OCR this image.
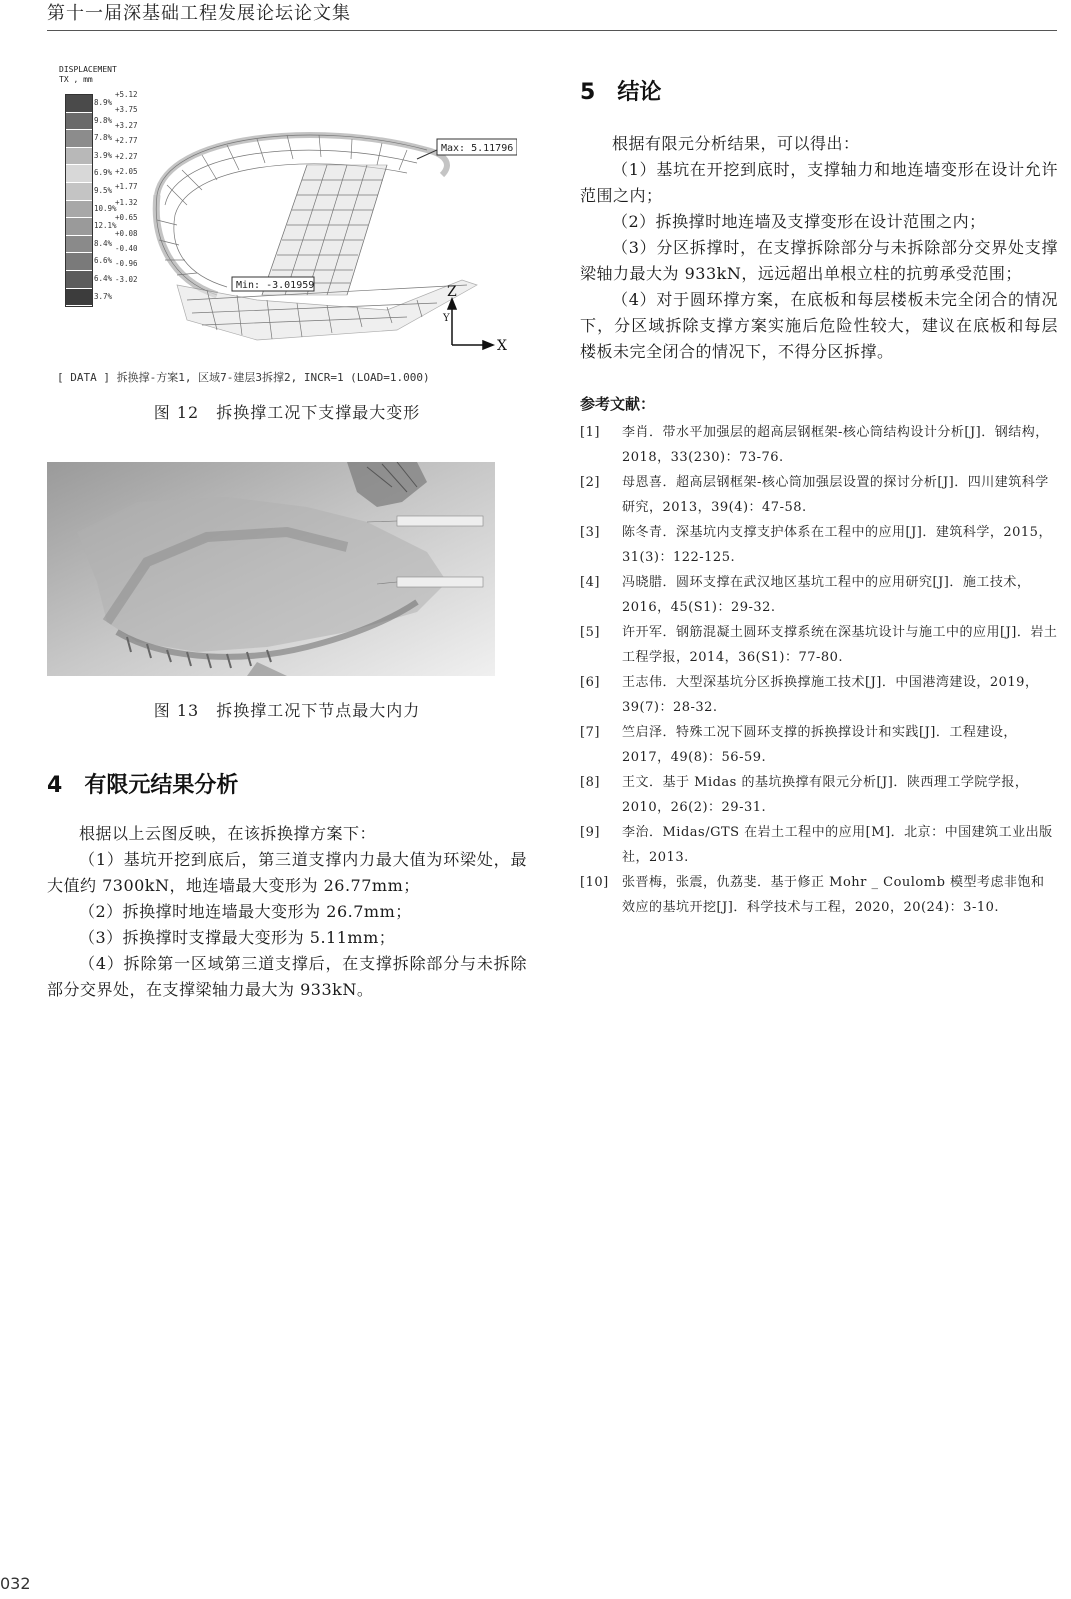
第十一届深基础工程发展论坛论文集
DISPLACEMENT
TX , mm
8.9%
9.8%
7.8%
3.9%
6.9%
9.5%
10.9%
12.1%
8.4%
6.6%
6.4%
3.7%
+5.12
+3.75
+3.27
+2.77
+2.27
+2.05
+1.77
+1.32
+0.65
+0.08
-0.40
-0.96
-3.02
Max: 5.11796
Min: -3.01959	Z
Y
X
[ DATA ] 拆换撑-方案1, 区域7-建层3拆撑2, INCR=1 (LOAD=1.000)
图 12　拆换撑工况下支撑最大变形
图 13　拆换撑工况下节点最大内力
4 有限元结果分析

根据以上云图反映，在该拆换撑方案下：

（1）基坑开挖到底后，第三道支撑内力最大值为环梁处，最大值约 7300kN，地连墙最大变形为 26.77mm；

（2）拆换撑时地连墙最大变形为 26.7mm；

（3）拆换撑时支撑最大变形为 5.11mm；

（4）拆除第一区域第三道支撑后，在支撑拆除部分与未拆除部分交界处，在支撑梁轴力最大为 933kN。

5 结论

根据有限元分析结果，可以得出：

（1）基坑在开挖到底时，支撑轴力和地连墙变形在设计允许范围之内；

（2）拆换撑时地连墙及支撑变形在设计范围之内；

（3）分区拆撑时，在支撑拆除部分与未拆除部分交界处支撑梁轴力最大为 933kN，远远超出单根立柱的抗剪承受范围；

（4）对于圆环撑方案，在底板和每层楼板未完全闭合的情况下，分区域拆除支撑方案实施后危险性较大，建议在底板和每层楼板未完全闭合的情况下，不得分区拆撑。

参考文献：
[1] 李肖．带水平加强层的超高层钢框架-核心筒结构设计分析[J]．钢结构，2018，33(230)：73-76.
[2] 母恩喜．超高层钢框架-核心筒加强层设置的探讨分析[J]．四川建筑科学研究，2013，39(4)：47-58.
[3] 陈冬青．深基坑内支撑支护体系在工程中的应用[J]．建筑科学，2015，31(3)：122-125.
[4] 冯晓腊．圆环支撑在武汉地区基坑工程中的应用研究[J]．施工技术，2016，45(S1)：29-32.
[5] 许开军．钢筋混凝土圆环支撑系统在深基坑设计与施工中的应用[J]．岩土工程学报，2014，36(S1)：77-80.
[6] 王志伟．大型深基坑分区拆换撑施工技术[J]．中国港湾建设，2019，39(7)：28-32.
[7] 竺启泽．特殊工况下圆环支撑的拆换撑设计和实践[J]．工程建设，2017，49(8)：56-59.
[8] 王文．基于 Midas 的基坑换撑有限元分析[J]．陕西理工学院学报，2010，26(2)：29-31.
[9] 李治．Midas/GTS 在岩土工程中的应用[M]．北京：中国建筑工业出版社，2013.
[10] 张晋梅，张震，仇荔斐．基于修正 Mohr _ Coulomb 模型考虑非饱和效应的基坑开挖[J]．科学技术与工程，2020，20(24)：3-10.
032
